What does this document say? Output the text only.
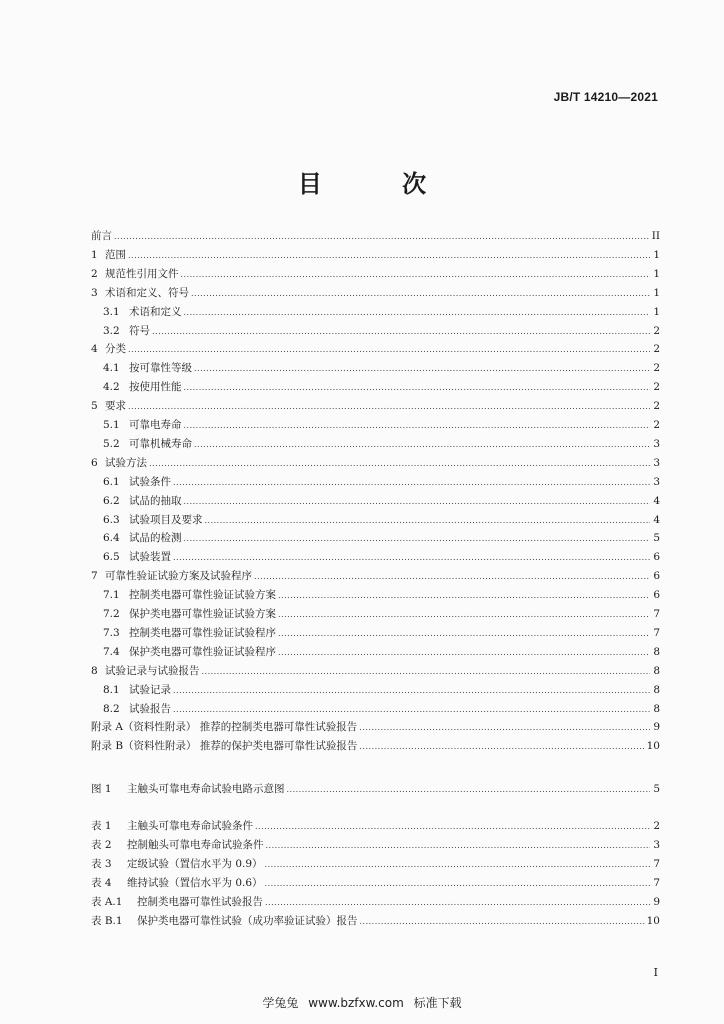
JB/T 14210—2021
目 次
前言 .....	II
1 范围 .....	1
2 规范性引用文件 .....	1
3 术语和定义、符号 .....	1
3.1 术语和定义 .....	1
3.2 符号 .....	2
4 分类 .....	2
4.1 按可靠性等级 .....	2
4.2 按使用性能 .....	2
5 要求 .....	2
5.1 可靠电寿命 .....	2
5.2 可靠机械寿命 .....	3
6 试验方法 .....	3
6.1 试验条件 .....	3
6.2 试品的抽取 .....	4
6.3 试验项目及要求 .....	4
6.4 试品的检测 .....	5
6.5 试验装置 .....	6
7 可靠性验证试验方案及试验程序 .....	6
7.1 控制类电器可靠性验证试验方案 .....	6
7.2 保护类电器可靠性验证试验方案 .....	7
7.3 控制类电器可靠性验证试验程序 .....	7
7.4 保护类电器可靠性验证试验程序 .....	8
8 试验记录与试验报告 .....	8
8.1 试验记录 .....	8
8.2 试验报告 .....	8
附录 A（资料性附录） 推荐的控制类电器可靠性试验报告 .....	9
附录 B（资料性附录） 推荐的保护类电器可靠性试验报告 .....	10
图 1 主触头可靠电寿命试验电路示意图 .....	5
表 1 主触头可靠电寿命试验条件 .....	2
表 2 控制触头可靠电寿命试验条件 .....	3
表 3 定级试验（置信水平为 0.9） .....	7
表 4 维持试验（置信水平为 0.6） .....	7
表 A.1 控制类电器可靠性试验报告 .....	9
表 B.1 保护类电器可靠性试验（成功率验证试验）报告 .....	10
I
学兔兔 www.bzfxw.com 标准下载
